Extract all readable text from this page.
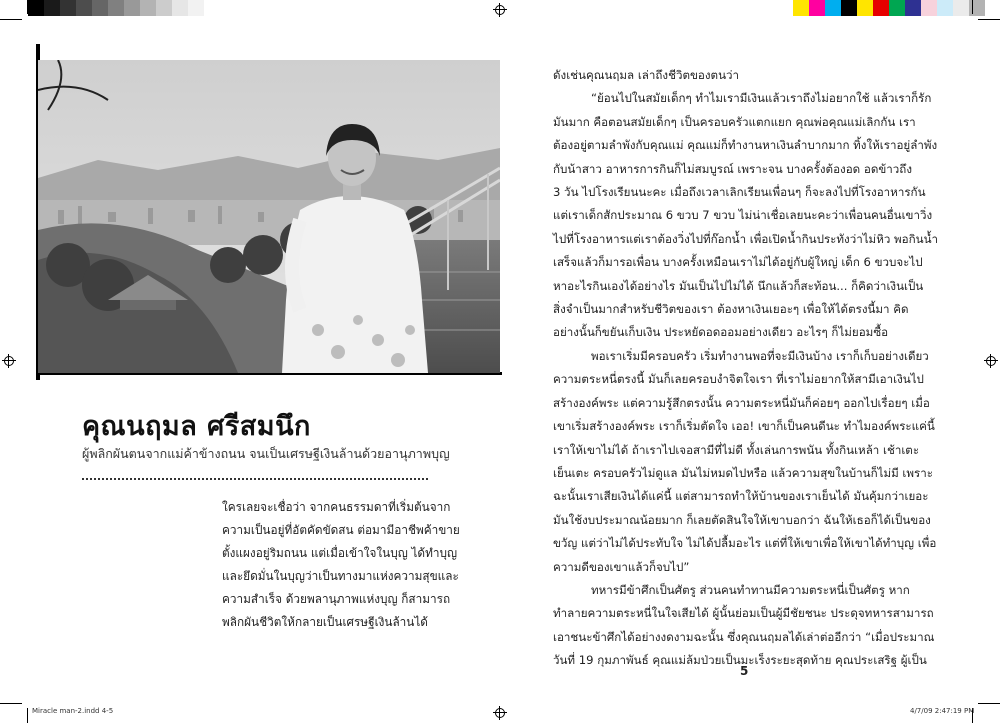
คุณนฤมล ศรีสมนึก

ผู้พลิกผันตนจากแม่ค้าข้างถนน จนเป็นเศรษฐีเงินล้านด้วยอานุภาพบุญ

ใครเลยจะเชื่อว่า จากคนธรรมดาที่เริ่มต้นจาก

ความเป็นอยู่ที่อัตคัดขัดสน ต่อมามีอาชีพค้าขาย

ตั้งแผงอยู่ริมถนน แต่เมื่อเข้าใจในบุญ ได้ทำบุญ

และยึดมั่นในบุญว่าเป็นทางมาแห่งความสุขและ

ความสำเร็จ ด้วยพลานุภาพแห่งบุญ ก็สามารถ

พลิกผันชีวิตให้กลายเป็นเศรษฐีเงินล้านได้

ดังเช่นคุณนฤมล เล่าถึงชีวิตของตนว่า

“ย้อนไปในสมัยเด็กๆ ทำไมเรามีเงินแล้วเราถึงไม่อยากใช้ แล้วเราก็รัก

มันมาก คือตอนสมัยเด็กๆ เป็นครอบครัวแตกแยก คุณพ่อคุณแม่เลิกกัน เรา

ต้องอยู่ตามลำพังกับคุณแม่ คุณแม่ก็ทำงานหาเงินลำบากมาก ทิ้งให้เราอยู่ลำพัง

กับน้าสาว อาหารการกินก็ไม่สมบูรณ์ เพราะจน บางครั้งต้องอด อดข้าวถึง

3 วัน ไปโรงเรียนนะคะ เมื่อถึงเวลาเลิกเรียนเพื่อนๆ ก็จะลงไปที่โรงอาหารกัน

แต่เราเด็กสักประมาณ 6 ขวบ 7 ขวบ ไม่น่าเชื่อเลยนะคะว่าเพื่อนคนอื่นเขาวิ่ง

ไปที่โรงอาหารแต่เราต้องวิ่งไปที่ก๊อกน้ำ เพื่อเปิดน้ำกินประทังว่าไม่หิว พอกินน้ำ

เสร็จแล้วก็มารอเพื่อน บางครั้งเหมือนเราไม่ได้อยู่กับผู้ใหญ่ เด็ก 6 ขวบจะไป

หาอะไรกินเองได้อย่างไร มันเป็นไปไม่ได้ นึกแล้วก็สะท้อน... ก็คิดว่าเงินเป็น

สิ่งจำเป็นมากสำหรับชีวิตของเรา ต้องหาเงินเยอะๆ เพื่อให้ได้ตรงนี้มา คิด

อย่างนั้นก็ขยันเก็บเงิน ประหยัดอดออมอย่างเดียว อะไรๆ ก็ไม่ยอมซื้อ

พอเราเริ่มมีครอบครัว เริ่มทำงานพอที่จะมีเงินบ้าง เราก็เก็บอย่างเดียว

ความตระหนี่ตรงนี้ มันก็เลยครอบงำจิตใจเรา ที่เราไม่อยากให้สามีเอาเงินไป

สร้างองค์พระ แต่ความรู้สึกตรงนั้น ความตระหนี่มันก็ค่อยๆ ออกไปเรื่อยๆ เมื่อ

เขาเริ่มสร้างองค์พระ เราก็เริ่มตัดใจ เออ! เขาก็เป็นคนดีนะ ทำไมองค์พระแค่นี้

เราให้เขาไม่ได้ ถ้าเราไปเจอสามีที่ไม่ดี ทั้งเล่นการพนัน ทั้งกินเหล้า เช้าเตะ

เย็นเตะ ครอบครัวไม่ดูแล มันไม่หมดไปหรือ แล้วความสุขในบ้านก็ไม่มี เพราะ

ฉะนั้นเราเสียเงินได้แค่นี้ แต่สามารถทำให้บ้านของเราเย็นได้ มันคุ้มกว่าเยอะ

มันใช้งบประมาณน้อยมาก ก็เลยตัดสินใจให้เขาบอกว่า ฉันให้เธอก็ได้เป็นของ

ขวัญ แต่ว่าไม่ได้ประทับใจ ไม่ได้ปลื้มอะไร แต่ที่ให้เขาเพื่อให้เขาได้ทำบุญ เพื่อ

ความดีของเขาแล้วก็จบไป”

ทหารมีข้าศึกเป็นศัตรู ส่วนคนทำทานมีความตระหนี่เป็นศัตรู หาก

ทำลายความตระหนี่ในใจเสียได้ ผู้นั้นย่อมเป็นผู้มีชัยชนะ ประดุจทหารสามารถ

เอาชนะข้าศึกได้อย่างงดงามฉะนั้น ซึ่งคุณนฤมลได้เล่าต่ออีกว่า “เมื่อประมาณ

วันที่ 19 กุมภาพันธ์ คุณแม่ล้มป่วยเป็นมะเร็งระยะสุดท้าย คุณประเสริฐ ผู้เป็น

5
Miracle man-2.indd 4-5	4/7/09 2:47:19 PM
